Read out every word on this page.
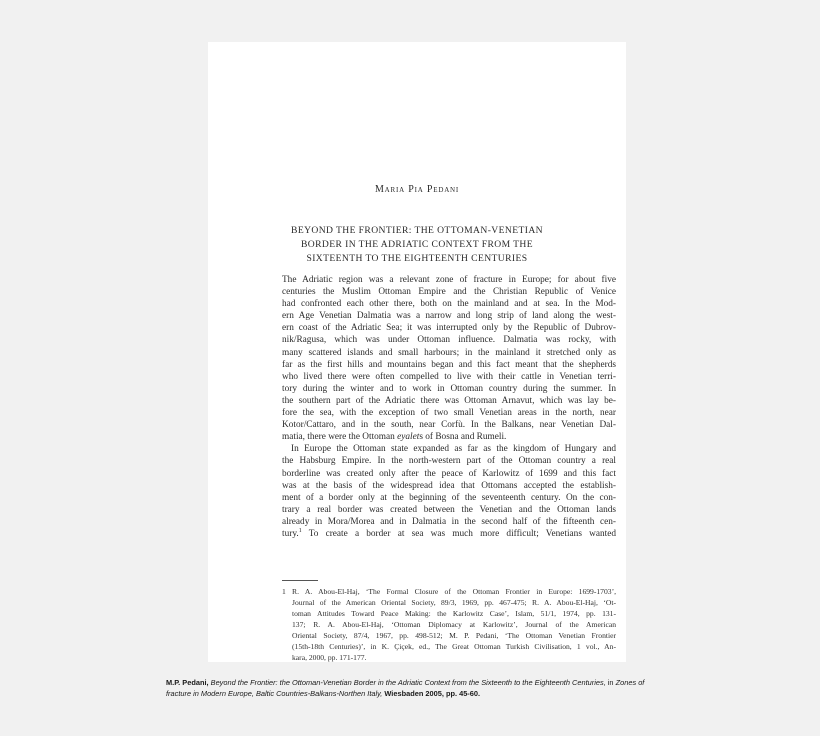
Maria Pia Pedani
BEYOND THE FRONTIER: THE OTTOMAN-VENETIAN
BORDER IN THE ADRIATIC CONTEXT FROM THE
SIXTEENTH TO THE EIGHTEENTH CENTURIES
The Adriatic region was a relevant zone of fracture in Europe; for about five
centuries the Muslim Ottoman Empire and the Christian Republic of Venice
had confronted each other there, both on the mainland and at sea. In the Mod-
ern Age Venetian Dalmatia was a narrow and long strip of land along the west-
ern coast of the Adriatic Sea; it was interrupted only by the Republic of Dubrov-
nik/Ragusa, which was under Ottoman influence. Dalmatia was rocky, with
many scattered islands and small harbours; in the mainland it stretched only as
far as the first hills and mountains began and this fact meant that the shepherds
who lived there were often compelled to live with their cattle in Venetian terri-
tory during the winter and to work in Ottoman country during the summer. In
the southern part of the Adriatic there was Ottoman Arnavut, which was lay be-
fore the sea, with the exception of two small Venetian areas in the north, near
Kotor/Cattaro, and in the south, near Corfù. In the Balkans, near Venetian Dal-
matia, there were the Ottoman eyalets of Bosna and Rumeli.
In Europe the Ottoman state expanded as far as the kingdom of Hungary and
the Habsburg Empire. In the north-western part of the Ottoman country a real
borderline was created only after the peace of Karlowitz of 1699 and this fact
was at the basis of the widespread idea that Ottomans accepted the establish-
ment of a border only at the beginning of the seventeenth century. On the con-
trary a real border was created between the Venetian and the Ottoman lands
already in Mora/Morea and in Dalmatia in the second half of the fifteenth cen-
tury.$^1$ To create a border at sea was much more difficult; Venetians wanted
1 R. A. Abou-El-Haj, ‘The Formal Closure of the Ottoman Frontier in Europe: 1699-1703’,
Journal of the American Oriental Society, 89/3, 1969, pp. 467-475; R. A. Abou-El-Haj, ‘Ot-
toman Attitudes Toward Peace Making: the Karlowitz Case’, Islam, 51/1, 1974, pp. 131-
137; R. A. Abou-El-Haj, ‘Ottoman Diplomacy at Karlowitz’, Journal of the American
Oriental Society, 87/4, 1967, pp. 498-512; M. P. Pedani, ‘The Ottoman Venetian Frontier
(15th-18th Centuries)’, in K. Çiçek, ed., The Great Ottoman Turkish Civilisation, 1 vol., An-
kara, 2000, pp. 171-177.
M.P. Pedani, Beyond the Frontier: the Ottoman-Venetian Border in the Adriatic Context from the Sixteenth to the Eighteenth Centuries, in Zones of
fracture in Modern Europe, Baltic Countries-Balkans-Northen Italy, Wiesbaden 2005, pp. 45-60.
